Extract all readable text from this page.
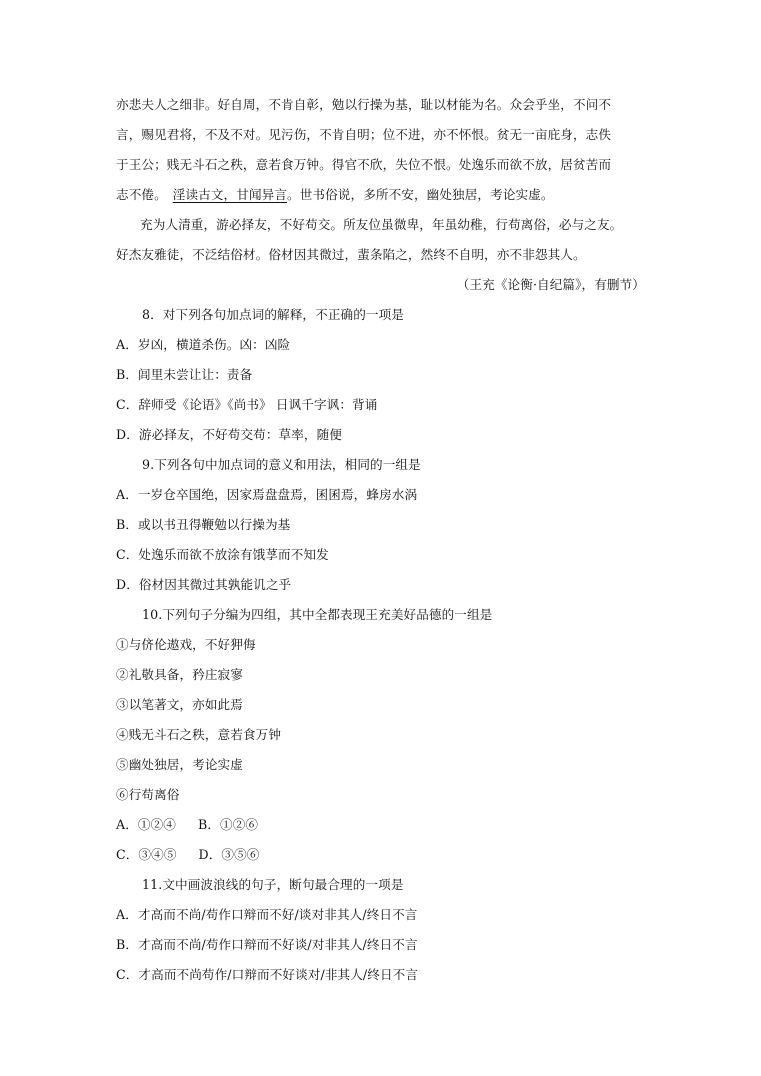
亦悲夫人之细非。好自周，不肯自彰，勉以行操为基，耻以材能为名。众会乎坐，不问不
言，赐见君将，不及不对。见污伤，不肯自明；位不进，亦不怀恨。贫无一亩庇身，志佚
于王公；贱无斗石之秩，意若食万钟。得官不欣，失位不恨。处逸乐而欲不放，居贫苦而
志不倦。 淫读古文，甘闻异言。世书俗说，多所不安，幽处独居，考论实虚。
充为人清重，游必择友，不好苟交。所友位虽微卑，年虽幼稚，行苟离俗，必与之友。
好杰友雅徒，不泛结俗材。俗材因其微过，蜚条陷之，然终不自明，亦不非怨其人。
（王充《论衡·自纪篇》，有删节）
8．对下列各句加点词的解释，不正确的一项是
A．岁凶，横道杀伤。凶：凶险
B．闾里未尝让让：责备
C．辞师受《论语》《尚书》 日讽千字讽：背诵
D．游必择友，不好苟交苟：草率，随便
9.下列各句中加点词的意义和用法，相同的一组是
A．一岁仓卒国绝，因家焉盘盘焉，囷囷焉，蜂房水涡
B．或以书丑得鞭勉以行操为基
C．处逸乐而欲不放涂有饿莩而不知发
D．俗材因其微过其孰能讥之乎
10.下列句子分编为四组，其中全都表现王充美好品德的一组是
①与侪伦遨戏，不好狎侮
②礼敬具备，矜庄寂寥
③以笔著文，亦如此焉
④贱无斗石之秩，意若食万钟
⑤幽处独居，考论实虚
⑥行苟离俗
A．①②④ B．①②⑥
C．③④⑤ D．③⑤⑥
11.文中画波浪线的句子，断句最合理的一项是
A．才高而不尚/苟作口辩而不好/谈对非其人/终日不言
B．才高而不尚/苟作口辩而不好谈/对非其人/终日不言
C．才高而不尚苟作/口辩而不好谈对/非其人/终日不言
